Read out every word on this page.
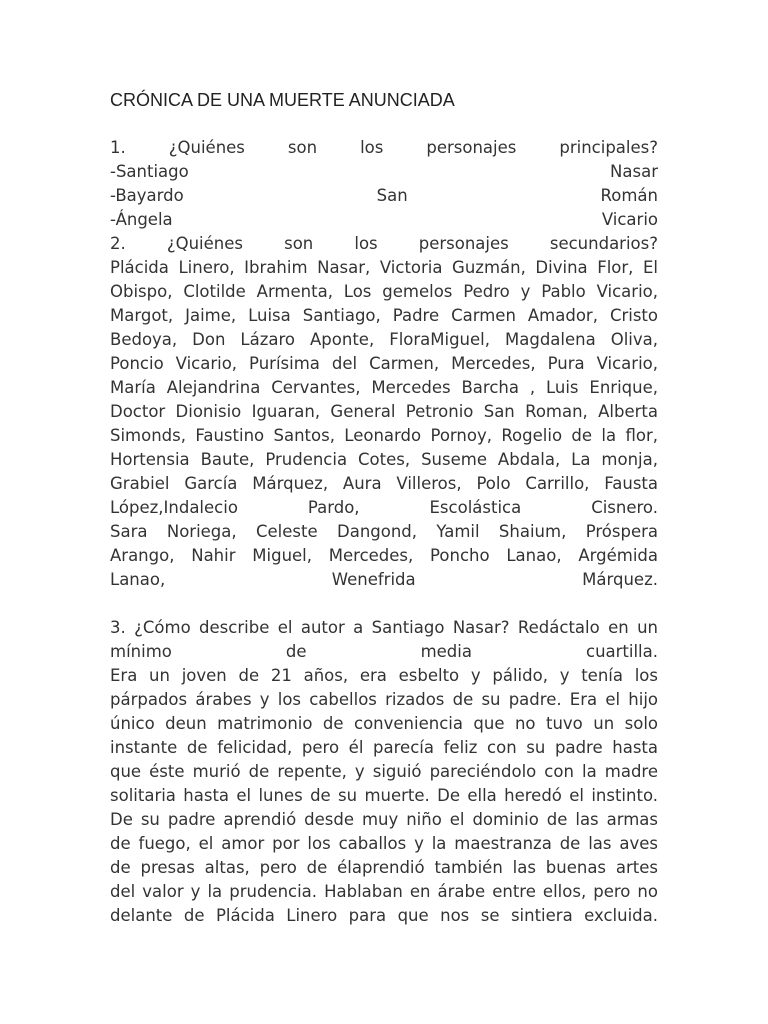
CRÓNICA DE UNA MUERTE ANUNCIADA

1. ¿Quiénes son los personajes principales?
-Santiago Nasar
-Bayardo San Román
-Ángela Vicario
2. ¿Quiénes son los personajes secundarios?
Plácida Linero, Ibrahim Nasar, Victoria Guzmán, Divina Flor, El
Obispo, Clotilde Armenta, Los gemelos Pedro y Pablo Vicario,
Margot, Jaime, Luisa Santiago, Padre Carmen Amador, Cristo
Bedoya, Don Lázaro Aponte, FloraMiguel, Magdalena Oliva,
Poncio Vicario, Purísima del Carmen, Mercedes, Pura Vicario,
María Alejandrina Cervantes, Mercedes Barcha , Luis Enrique,
Doctor Dionisio Iguaran, General Petronio San Roman, Alberta
Simonds, Faustino Santos, Leonardo Pornoy, Rogelio de la flor,
Hortensia Baute, Prudencia Cotes, Suseme Abdala, La monja,
Grabiel García Márquez, Aura Villeros, Polo Carrillo, Fausta
López,Indalecio Pardo, Escolástica Cisnero.
Sara Noriega, Celeste Dangond, Yamil Shaium, Próspera
Arango, Nahir Miguel, Mercedes, Poncho Lanao, Argémida
Lanao, Wenefrida Márquez.
3. ¿Cómo describe el autor a Santiago Nasar? Redáctalo en un
mínimo de media cuartilla.
Era un joven de 21 años, era esbelto y pálido, y tenía los
párpados árabes y los cabellos rizados de su padre. Era el hijo
único deun matrimonio de conveniencia que no tuvo un solo
instante de felicidad, pero él parecía feliz con su padre hasta
que éste murió de repente, y siguió pareciéndolo con la madre
solitaria hasta el lunes de su muerte. De ella heredó el instinto.
De su padre aprendió desde muy niño el dominio de las armas
de fuego, el amor por los caballos y la maestranza de las aves
de presas altas, pero de élaprendió también las buenas artes
del valor y la prudencia. Hablaban en árabe entre ellos, pero no
delante de Plácida Linero para que nos se sintiera excluida.
